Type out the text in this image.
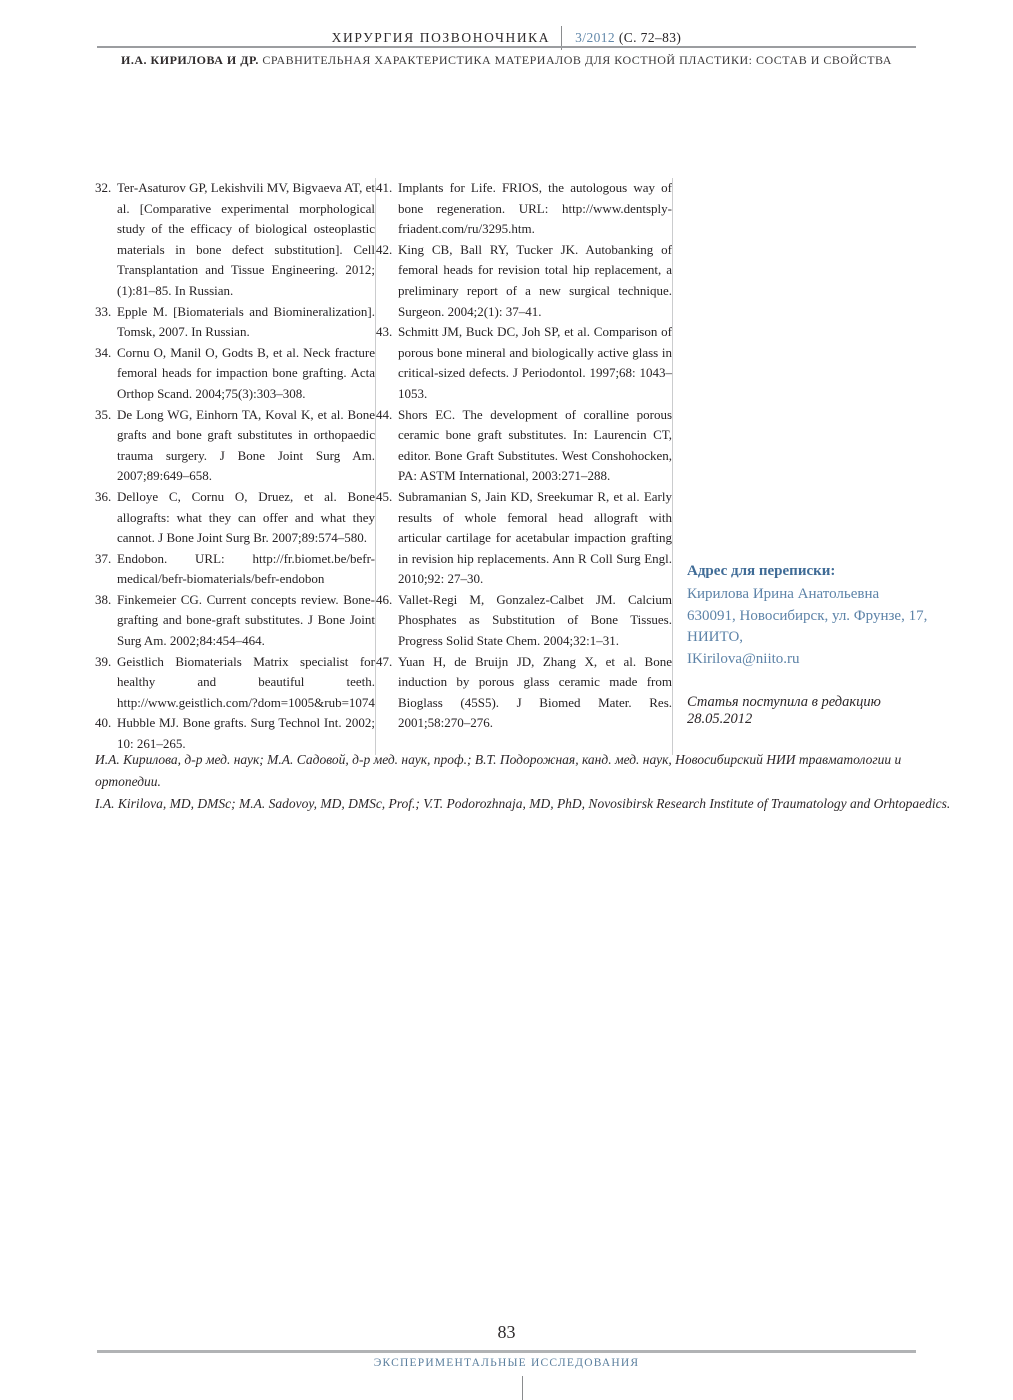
ХИРУРГИЯ ПОЗВОНОЧНИКА 3/2012 (С. 72–83)
И.А. КИРИЛОВА И ДР. СРАВНИТЕЛЬНАЯ ХАРАКТЕРИСТИКА МАТЕРИАЛОВ ДЛЯ КОСТНОЙ ПЛАСТИКИ: СОСТАВ И СВОЙСТВА
32. Ter-Asaturov GP, Lekishvili MV, Bigvaeva AT, et al. [Comparative experimental morphological study of the efficacy of biological osteoplastic materials in bone defect substitution]. Cell Transplantation and Tissue Engineering. 2012;(1):81–85. In Russian.
33. Epple M. [Biomaterials and Biomineralization]. Tomsk, 2007. In Russian.
34. Cornu O, Manil O, Godts B, et al. Neck fracture femoral heads for impaction bone grafting. Acta Orthop Scand. 2004;75(3):303–308.
35. De Long WG, Einhorn TA, Koval K, et al. Bone grafts and bone graft substitutes in orthopaedic trauma surgery. J Bone Joint Surg Am. 2007;89:649–658.
36. Delloye C, Cornu O, Druez, et al. Bone allografts: what they can offer and what they cannot. J Bone Joint Surg Br. 2007;89:574–580.
37. Endobon. URL: http://fr.biomet.be/befr-medical/befr-biomaterials/befr-endobon
38. Finkemeier CG. Current concepts review. Bone-grafting and bone-graft substitutes. J Bone Joint Surg Am. 2002;84:454–464.
39. Geistlich Biomaterials Matrix specialist for healthy and beautiful teeth. http://www.geistlich.com/?dom=1005&rub=1074
40. Hubble MJ. Bone grafts. Surg Technol Int. 2002; 10: 261–265.
41. Implants for Life. FRIOS, the autologous way of bone regeneration. URL: http://www.dentsply-friadent.com/ru/3295.htm.
42. King CB, Ball RY, Tucker JK. Autobanking of femoral heads for revision total hip replacement, a preliminary report of a new surgical technique. Surgeon. 2004;2(1): 37–41.
43. Schmitt JM, Buck DC, Joh SP, et al. Comparison of porous bone mineral and biologically active glass in critical-sized defects. J Periodontol. 1997;68: 1043–1053.
44. Shors EC. The development of coralline porous ceramic bone graft substitutes. In: Laurencin CT, editor. Bone Graft Substitutes. West Conshohocken, PA: ASTM International, 2003:271–288.
45. Subramanian S, Jain KD, Sreekumar R, et al. Early results of whole femoral head allograft with articular cartilage for acetabular impaction grafting in revision hip replacements. Ann R Coll Surg Engl. 2010;92: 27–30.
46. Vallet-Regi M, Gonzalez-Calbet JM. Calcium Phosphates as Substitution of Bone Tissues. Progress Solid State Chem. 2004;32:1–31.
47. Yuan H, de Bruijn JD, Zhang X, et al. Bone induction by porous glass ceramic made from Bioglass (45S5). J Biomed Mater. Res. 2001;58:270–276.
Адрес для переписки:
Кирилова Ирина Анатольевна
630091, Новосибирск, ул. Фрунзе, 17,
НИИТО,
IKirilova@niito.ru
Статья поступила в редакцию 28.05.2012
И.А. Кирилова, д-р мед. наук; М.А. Садовой, д-р мед. наук, проф.; В.Т. Подорожная, канд. мед. наук, Новосибирский НИИ травматологии и ортопедии.
I.A. Kirilova, MD, DMSc; M.A. Sadovoy, MD, DMSc, Prof.; V.T. Podorozhnaja, MD, PhD, Novosibirsk Research Institute of Traumatology and Orhtopaedics.
83
ЭКСПЕРИМЕНТАЛЬНЫЕ ИССЛЕДОВАНИЯ
